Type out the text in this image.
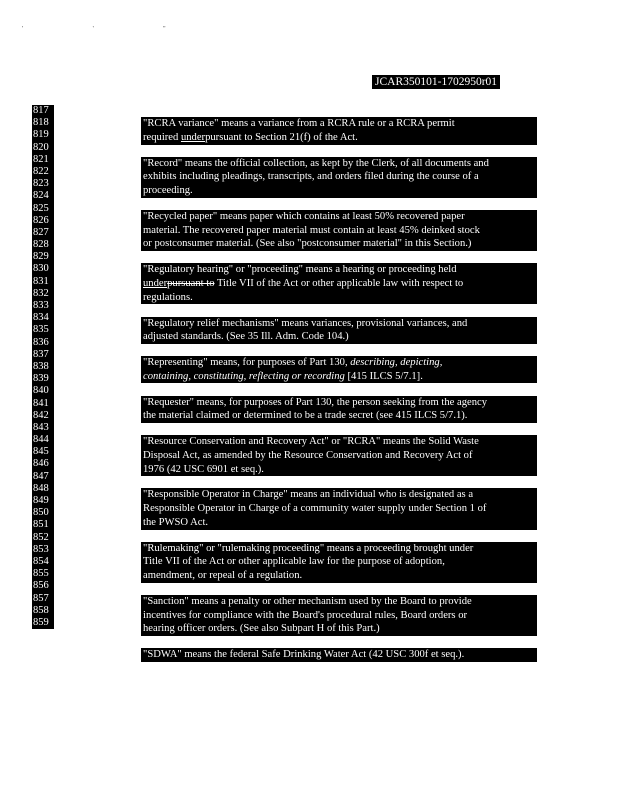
' ' "
JCAR350101-1702950r01
817
818
819
820
821
822
823
824
825
826
827
828
829
830
831
832
833
834
835
836
837
838
839
840
841
842
843
844
845
846
847
848
849
850
851
852
853
854
855
856
857
858
859
"RCRA variance" means a variance from a RCRA rule or a RCRA permit
required underpursuant to Section 21(f) of the Act.
"Record" means the official collection, as kept by the Clerk, of all documents and
exhibits including pleadings, transcripts, and orders filed during the course of a
proceeding.
"Recycled paper" means paper which contains at least 50% recovered paper
material. The recovered paper material must contain at least 45% deinked stock
or postconsumer material. (See also "postconsumer material" in this Section.)
"Regulatory hearing" or "proceeding" means a hearing or proceeding held
underpursuant to Title VII of the Act or other applicable law with respect to
regulations.
"Regulatory relief mechanisms" means variances, provisional variances, and
adjusted standards. (See 35 Ill. Adm. Code 104.)
"Representing" means, for purposes of Part 130, describing, depicting,
containing, constituting, reflecting or recording [415 ILCS 5/7.1].
"Requester" means, for purposes of Part 130, the person seeking from the agency
the material claimed or determined to be a trade secret (see 415 ILCS 5/7.1).
"Resource Conservation and Recovery Act" or "RCRA" means the Solid Waste
Disposal Act, as amended by the Resource Conservation and Recovery Act of
1976 (42 USC 6901 et seq.).
"Responsible Operator in Charge" means an individual who is designated as a
Responsible Operator in Charge of a community water supply under Section 1 of
the PWSO Act.
"Rulemaking" or "rulemaking proceeding" means a proceeding brought under
Title VII of the Act or other applicable law for the purpose of adoption,
amendment, or repeal of a regulation.
"Sanction" means a penalty or other mechanism used by the Board to provide
incentives for compliance with the Board's procedural rules, Board orders or
hearing officer orders. (See also Subpart H of this Part.)
"SDWA" means the federal Safe Drinking Water Act (42 USC 300f et seq.).
